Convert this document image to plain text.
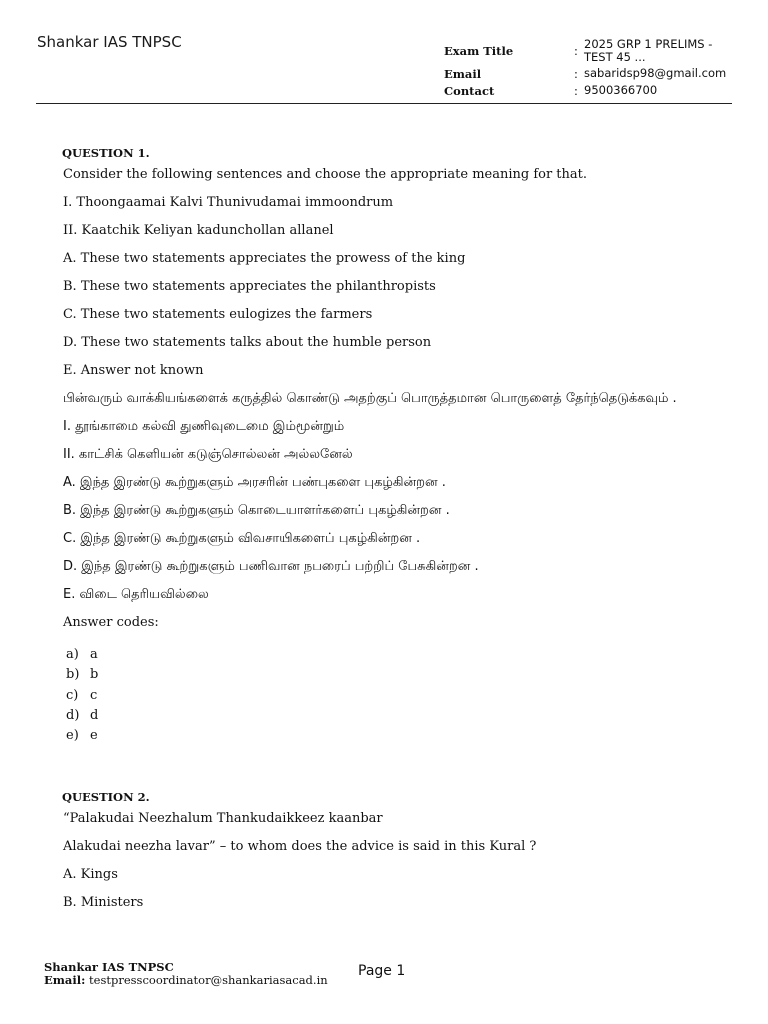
Shankar IAS TNPSC	Exam Title	: 2025 GRP 1 PRELIMS - TEST 45 ...
Email	: sabaridsp98@gmail.com
Contact	: 9500366700
QUESTION 1.
Consider the following sentences and choose the appropriate meaning for that.
I. Thoongaamai Kalvi Thunivudamai immoondrum
II. Kaatchik Keliyan kadunchollan allanel
A. These two statements appreciates the prowess of the king
B. These two statements appreciates the philanthropists
C. These two statements eulogizes the farmers
D. These two statements talks about the humble person
E. Answer not known
பின்வரும் வாக்கியங்களைக் கருத்தில் கொண்டு அதற்குப் பொருத்தமான பொருளைத் தேர்ந்தெடுக்கவும் .
I. தூங்காமை கல்வி துணிவுடைமை இம்மூன்றும்
II. காட்சிக் கெளியன் கடுஞ்சொல்லன் அல்லனேல்
A. இந்த இரண்டு கூற்றுகளும் அரசரின் பண்புகளை புகழ்கின்றன .
B. இந்த இரண்டு கூற்றுகளும் கொடையாளர்களைப் புகழ்கின்றன .
C. இந்த இரண்டு கூற்றுகளும் விவசாயிகளைப் புகழ்கின்றன .
D. இந்த இரண்டு கூற்றுகளும் பணிவான நபரைப் பற்றிப் பேசுகின்றன .
E. விடை தெரியவில்லை
Answer codes:
a) a
b) b
c) c
d) d
e) e
QUESTION 2.
“Palakudai Neezhalum Thankudaikkeez kaanbar
Alakudai neezha lavar” – to whom does the advice is said in this Kural ?
A. Kings
B. Ministers
Shankar IAS TNPSC
Email: testpresscoordinator@shankariasacad.in
Page 1
